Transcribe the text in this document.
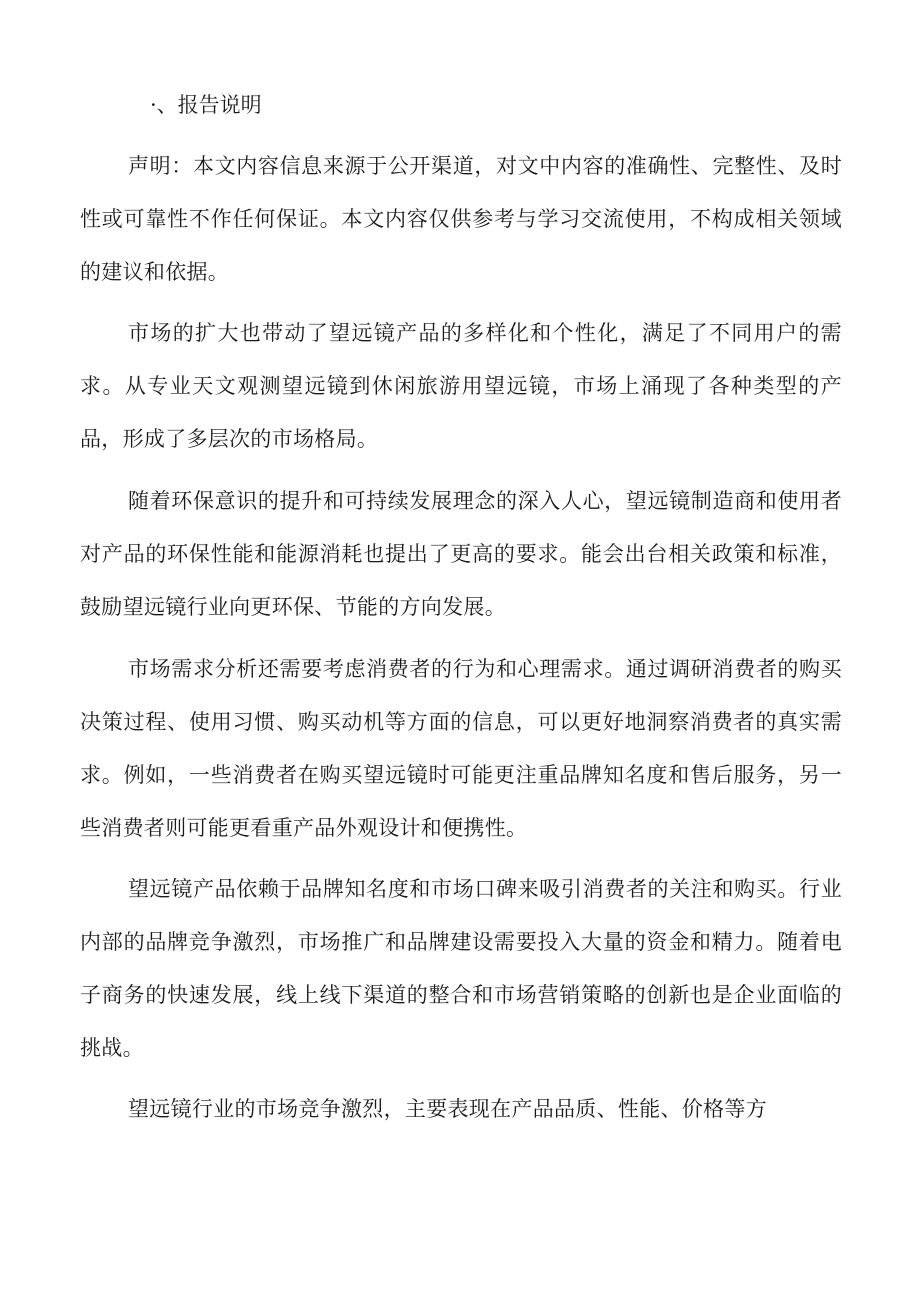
·、报告说明

声明：本文内容信息来源于公开渠道，对文中内容的准确性、完整性、及时性或可靠性不作任何保证。本文内容仅供参考与学习交流使用，不构成相关领域的建议和依据。

市场的扩大也带动了望远镜产品的多样化和个性化，满足了不同用户的需求。从专业天文观测望远镜到休闲旅游用望远镜，市场上涌现了各种类型的产品，形成了多层次的市场格局。

随着环保意识的提升和可持续发展理念的深入人心，望远镜制造商和使用者对产品的环保性能和能源消耗也提出了更高的要求。能会出台相关政策和标准，鼓励望远镜行业向更环保、节能的方向发展。

市场需求分析还需要考虑消费者的行为和心理需求。通过调研消费者的购买决策过程、使用习惯、购买动机等方面的信息，可以更好地洞察消费者的真实需求。例如，一些消费者在购买望远镜时可能更注重品牌知名度和售后服务，另一些消费者则可能更看重产品外观设计和便携性。

望远镜产品依赖于品牌知名度和市场口碑来吸引消费者的关注和购买。行业内部的品牌竞争激烈，市场推广和品牌建设需要投入大量的资金和精力。随着电子商务的快速发展，线上线下渠道的整合和市场营销策略的创新也是企业面临的挑战。

望远镜行业的市场竞争激烈，主要表现在产品品质、性能、价格等方
